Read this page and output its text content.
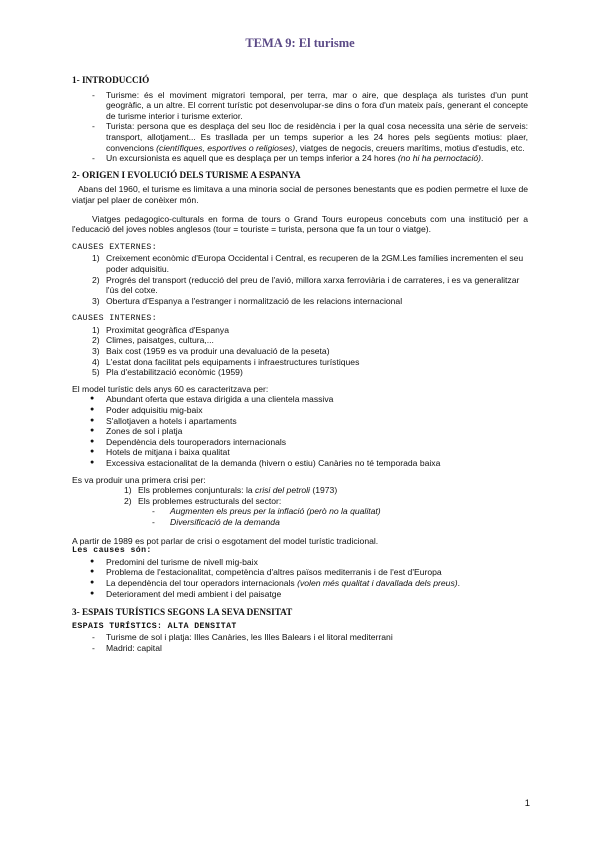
TEMA 9: El turisme
1- INTRODUCCIÓ
- Turisme: és el moviment migratori temporal, per terra, mar o aire, que desplaça als turistes d'un punt geogràfic, a un altre. El corrent turístic pot desenvolupar-se dins o fora d'un mateix país, generant el concepte de turisme interior i turisme exterior.
- Turista: persona que es desplaça del seu lloc de residència i per la qual cosa necessita una sèrie de serveis: transport, allotjament... Es trasllada per un temps superior a les 24 hores pels següents motius: plaer, convencions (científiques, esportives o religioses), viatges de negocis, creuers marítims, motius d'estudis, etc.
- Un excursionista es aquell que es desplaça per un temps inferior a 24 hores (no hi ha pernoctació).
2- ORIGEN I EVOLUCIÓ DELS TURISME A ESPANYA
Abans del 1960, el turisme es limitava a una minoria social de persones benestants que es podien permetre el luxe de viatjar pel plaer de conèixer món.
Viatges pedagogico-culturals en forma de tours o Grand Tours europeus concebuts com una institució per a l'educació del joves nobles anglesos (tour = touriste = turista, persona que fa un tour o viatge).
CAUSES EXTERNES:
1) Creixement econòmic d'Europa Occidental i Central, es recuperen de la 2GM.Les famílies incrementen el seu poder adquisitiu.
2) Progrés del transport (reducció del preu de l'avió, millora xarxa ferroviària i de carrateres, i es va generalitzar l'ús del cotxe.
3) Obertura d'Espanya a l'estranger i normalització de les relacions internacional
CAUSES INTERNES:
1) Proximitat geogràfica d'Espanya
2) Climes, paisatges, cultura,...
3) Baix cost (1959 es va produir una devaluació de la peseta)
4) L'estat dona facilitat pels equipaments i infraestructures turístiques
5) Pla d'estabilització econòmic (1959)
El model turístic dels anys 60 es caracteritzava per:
● Abundant oferta que estava dirigida a una clientela massiva
● Poder adquisitiu mig-baix
● S'allotjaven a hotels i apartaments
● Zones de sol i platja
● Dependència dels touroperadors internacionals
● Hotels de mitjana i baixa qualitat
● Excessiva estacionalitat de la demanda (hivern o estiu) Canàries no té temporada baixa
Es va produir una primera crisi per:
1) Els problemes conjunturals: la crisi del petroli (1973)
2) Els problemes estructurals del sector:
- Augmenten els preus per la inflació (però no la qualitat)
- Diversificació de la demanda
A partir de 1989 es pot parlar de crisi o esgotament del model turístic tradicional.
Les causes són:
● Predomini del turisme de nivell mig-baix
● Problema de l'estacionalitat, competència d'altres països mediterranis i de l'est d'Europa
● La dependència del tour operadors internacionals (volen més qualitat i davallada dels preus).
● Deteriorament del medi ambient i del paisatge
3- ESPAIS TURÍSTICS SEGONS LA SEVA DENSITAT
ESPAIS TURÍSTICS: ALTA DENSITAT
- Turisme de sol i platja: Illes Canàries, les Illes Balears i el litoral mediterrani
- Madrid: capital
1
